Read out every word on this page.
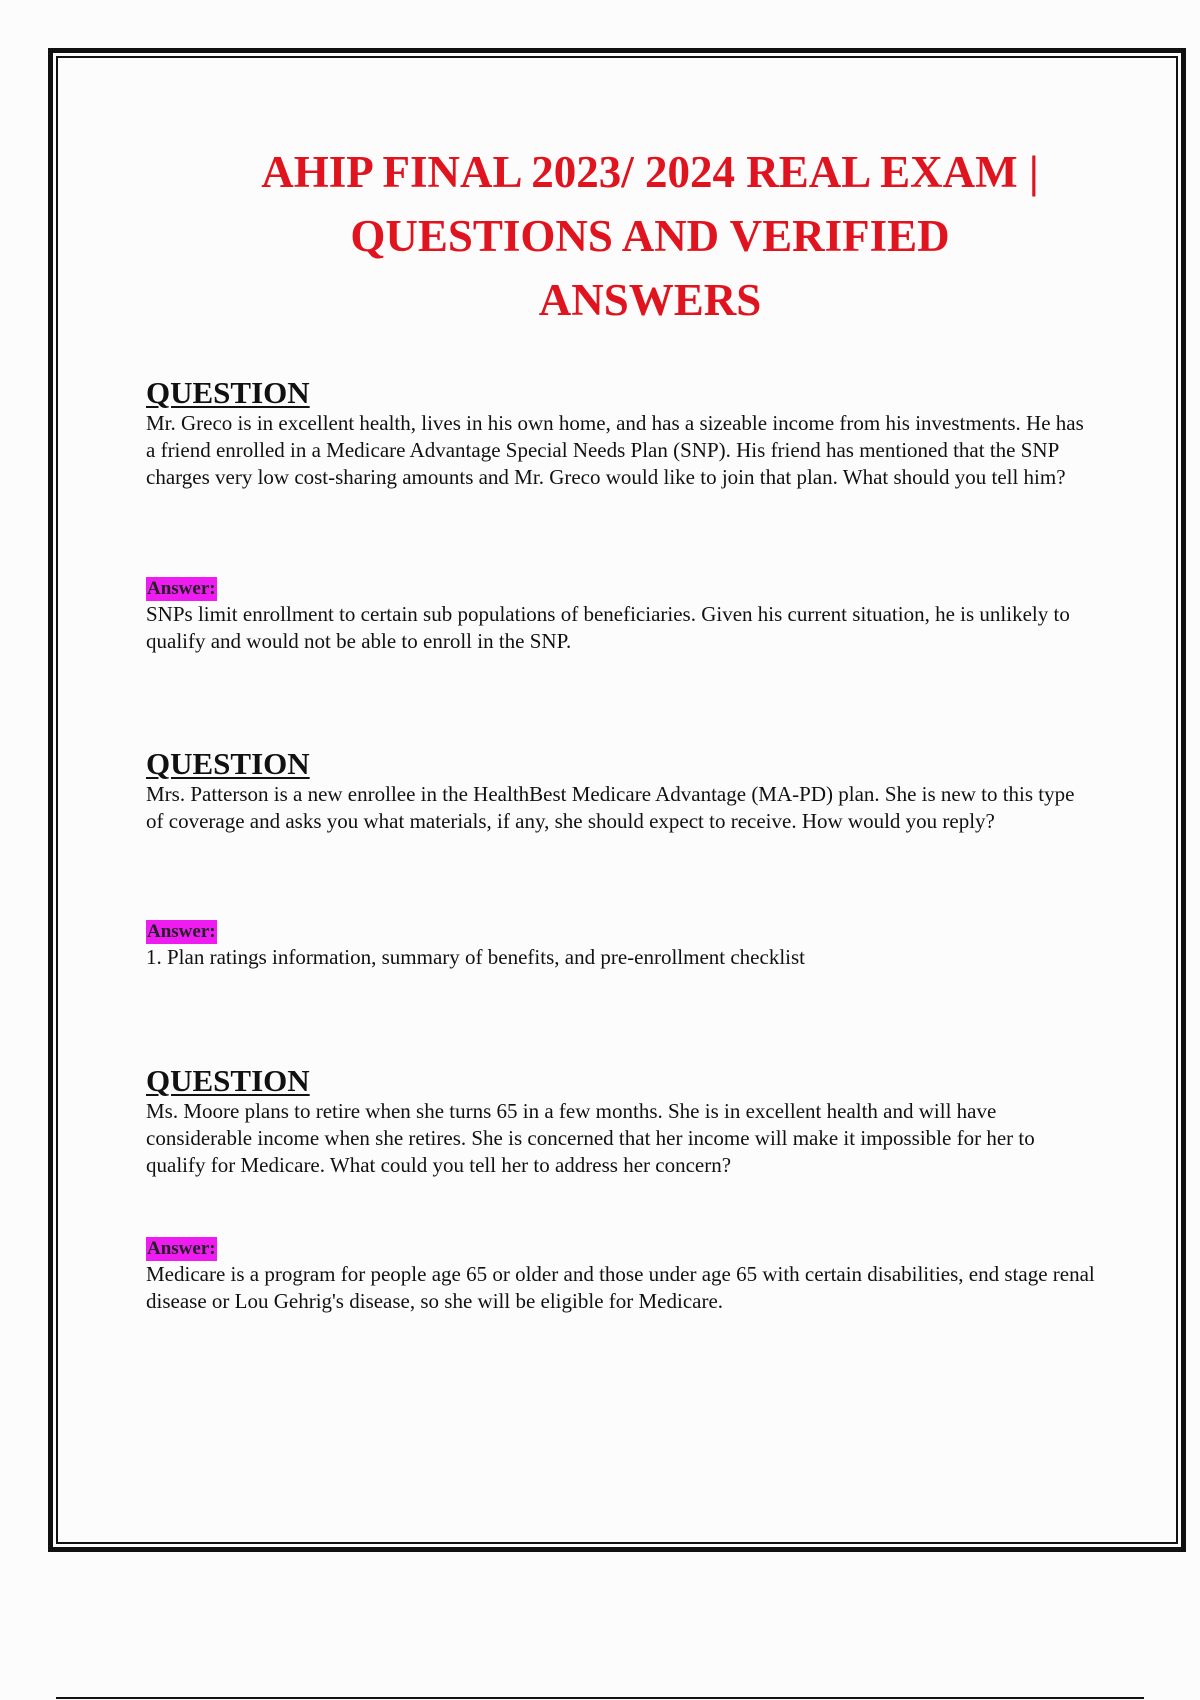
AHIP FINAL 2023/ 2024 REAL EXAM |
QUESTIONS AND VERIFIED
ANSWERS
QUESTION

Mr. Greco is in excellent health, lives in his own home, and has a sizeable income from his investments. He has a friend enrolled in a Medicare Advantage Special Needs Plan (SNP). His friend has mentioned that the SNP charges very low cost-sharing amounts and Mr. Greco would like to join that plan. What should you tell him?

Answer:

SNPs limit enrollment to certain sub populations of beneficiaries. Given his current situation, he is unlikely to qualify and would not be able to enroll in the SNP.

QUESTION

Mrs. Patterson is a new enrollee in the HealthBest Medicare Advantage (MA-PD) plan. She is new to this type of coverage and asks you what materials, if any, she should expect to receive. How would you reply?

Answer:

1. Plan ratings information, summary of benefits, and pre-enrollment checklist

QUESTION

Ms. Moore plans to retire when she turns 65 in a few months. She is in excellent health and will have considerable income when she retires. She is concerned that her income will make it impossible for her to qualify for Medicare. What could you tell her to address her concern?

Answer:

Medicare is a program for people age 65 or older and those under age 65 with certain disabilities, end stage renal disease or Lou Gehrig's disease, so she will be eligible for Medicare.
